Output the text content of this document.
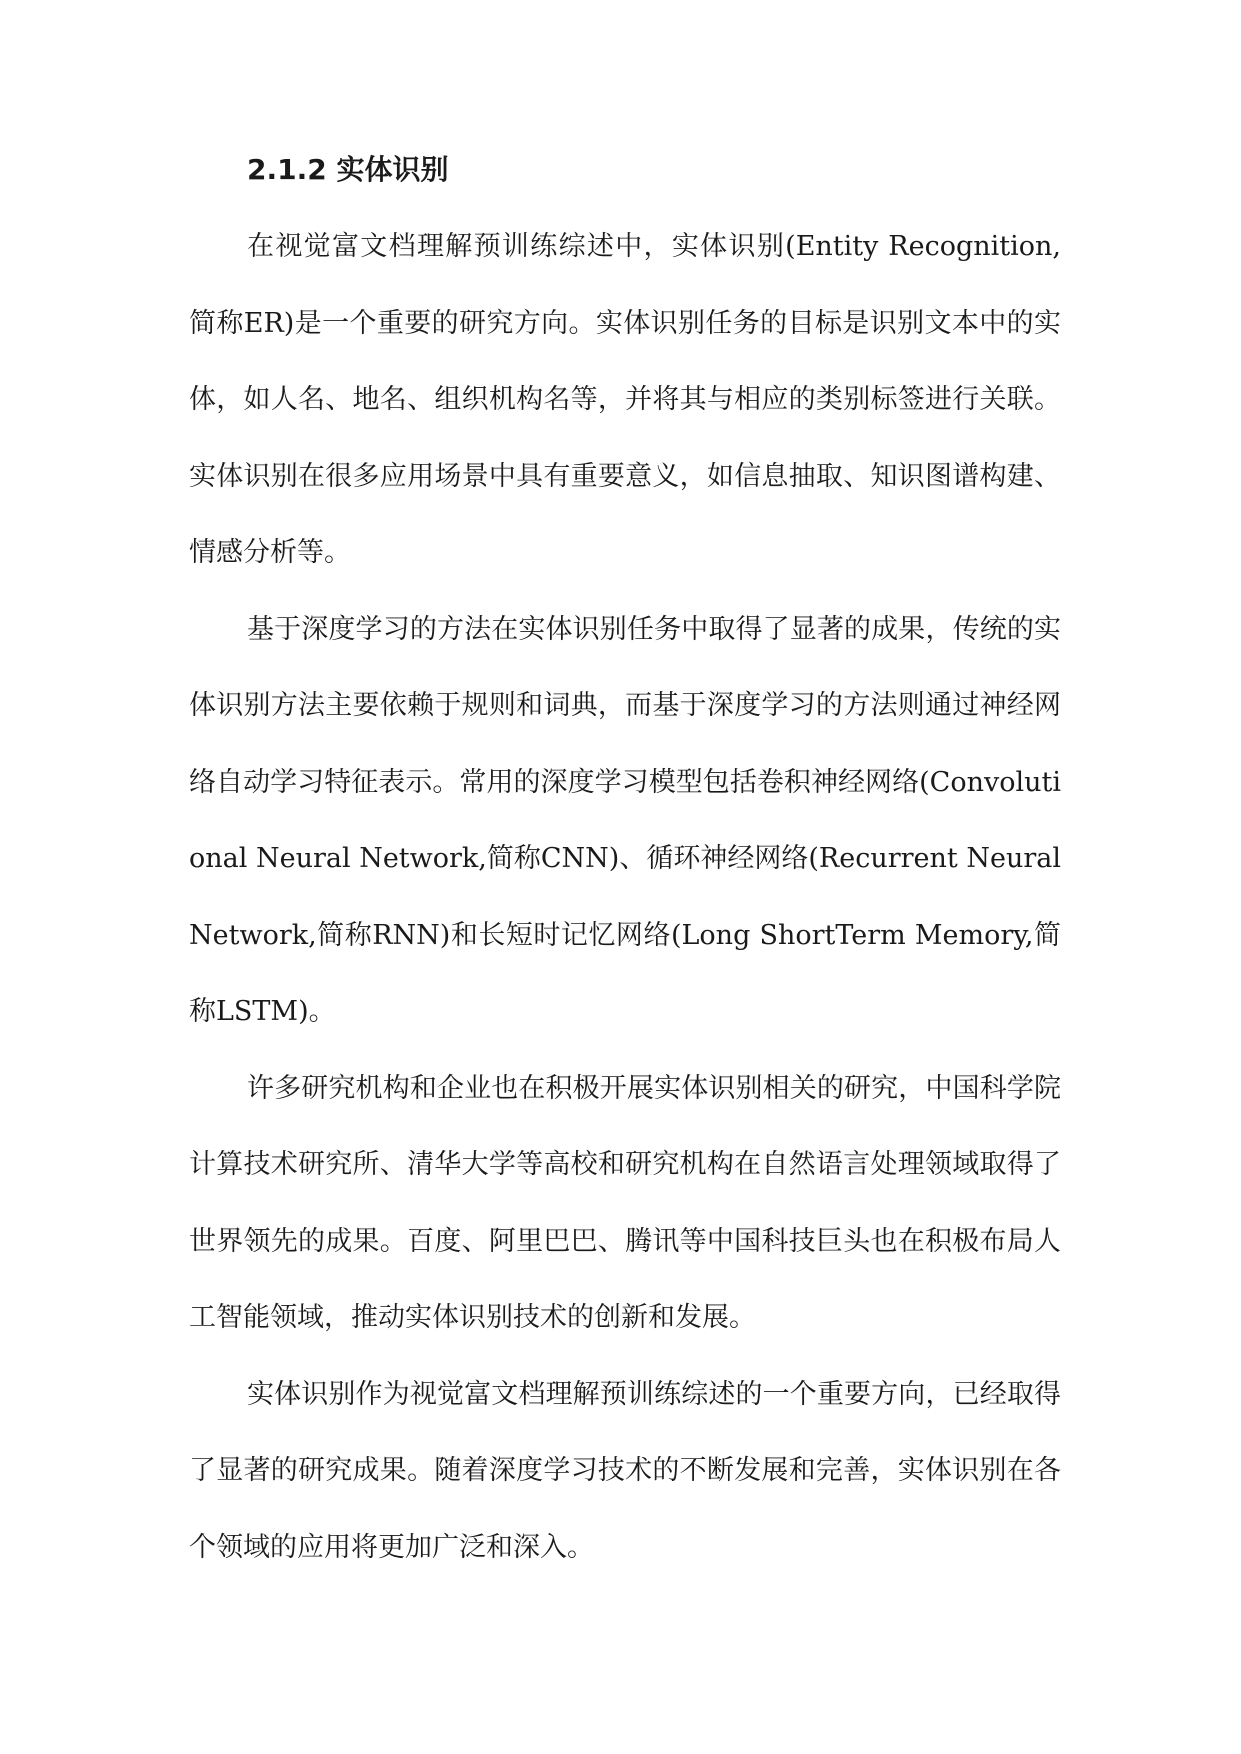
2.1.2 实体识别

在视觉富文档理解预训练综述中，实体识别(Entity Recognition,简称ER)是一个重要的研究方向。实体识别任务的目标是识别文本中的实体，如人名、地名、组织机构名等，并将其与相应的类别标签进行关联。实体识别在很多应用场景中具有重要意义，如信息抽取、知识图谱构建、情感分析等。

基于深度学习的方法在实体识别任务中取得了显著的成果，传统的实体识别方法主要依赖于规则和词典，而基于深度学习的方法则通过神经网络自动学习特征表示。常用的深度学习模型包括卷积神经网络(Convolutional Neural Network,简称CNN)、循环神经网络(Recurrent Neural Network,简称RNN)和长短时记忆网络(Long ShortTerm Memory,简称LSTM)。

许多研究机构和企业也在积极开展实体识别相关的研究，中国科学院计算技术研究所、清华大学等高校和研究机构在自然语言处理领域取得了世界领先的成果。百度、阿里巴巴、腾讯等中国科技巨头也在积极布局人工智能领域，推动实体识别技术的创新和发展。

实体识别作为视觉富文档理解预训练综述的一个重要方向，已经取得了显著的研究成果。随着深度学习技术的不断发展和完善，实体识别在各个领域的应用将更加广泛和深入。
